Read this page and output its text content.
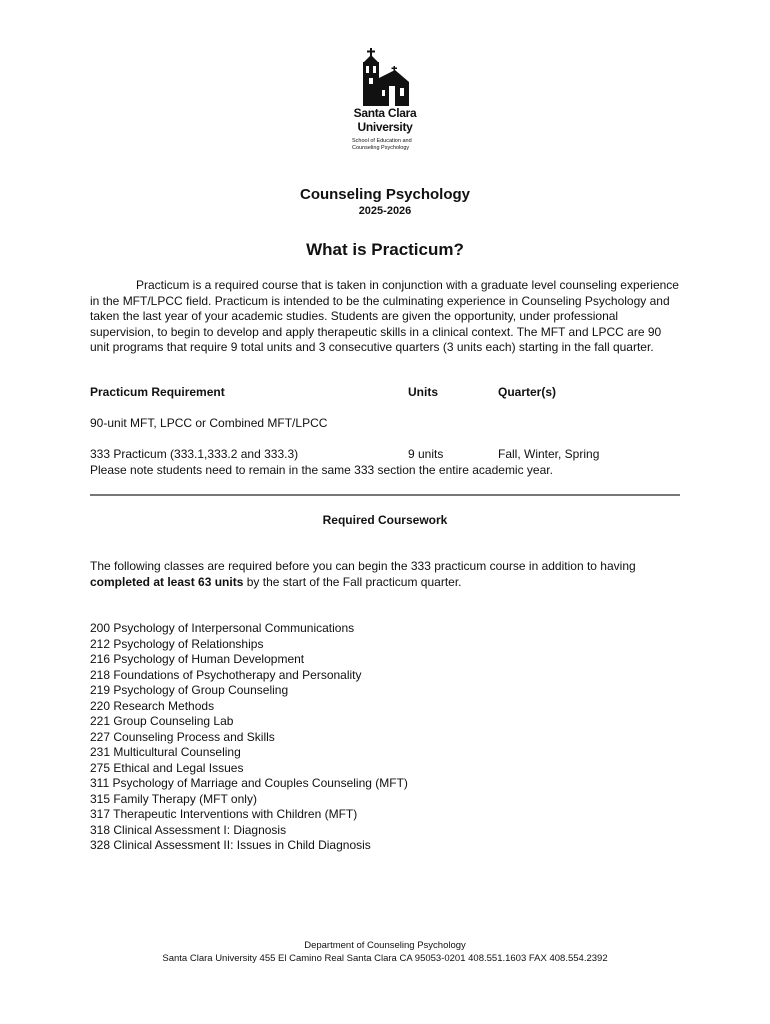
Santa Clara
University
School of Education and
Counseling Psychology
Counseling Psychology
2025-2026
What is Practicum?

Practicum is a required course that is taken in conjunction with a graduate level counseling experience in the MFT/LPCC field. Practicum is intended to be the culminating experience in Counseling Psychology and taken the last year of your academic studies. Students are given the opportunity, under professional supervision, to begin to develop and apply therapeutic skills in a clinical context. The MFT and LPCC are 90 unit programs that require 9 total units and 3 consecutive quarters (3 units each) starting in the fall quarter.

Practicum Requirement	Units	Quarter(s)
90-unit MFT, LPCC or Combined MFT/LPCC
333 Practicum (333.1,333.2 and 333.3)	9 units	Fall, Winter, Spring
Please note students need to remain in the same 333 section the entire academic year.
Required Coursework

The following classes are required before you can begin the 333 practicum course in addition to having completed at least 63 units by the start of the Fall practicum quarter.

200 Psychology of Interpersonal Communications
212 Psychology of Relationships
216 Psychology of Human Development
218 Foundations of Psychotherapy and Personality
219 Psychology of Group Counseling
220 Research Methods
221 Group Counseling Lab
227 Counseling Process and Skills
231 Multicultural Counseling
275 Ethical and Legal Issues
311 Psychology of Marriage and Couples Counseling (MFT)
315 Family Therapy (MFT only)
317 Therapeutic Interventions with Children (MFT)
318 Clinical Assessment I: Diagnosis
328 Clinical Assessment II: Issues in Child Diagnosis
Department of Counseling Psychology
Santa Clara University 455 El Camino Real Santa Clara CA 95053-0201 408.551.1603 FAX 408.554.2392
